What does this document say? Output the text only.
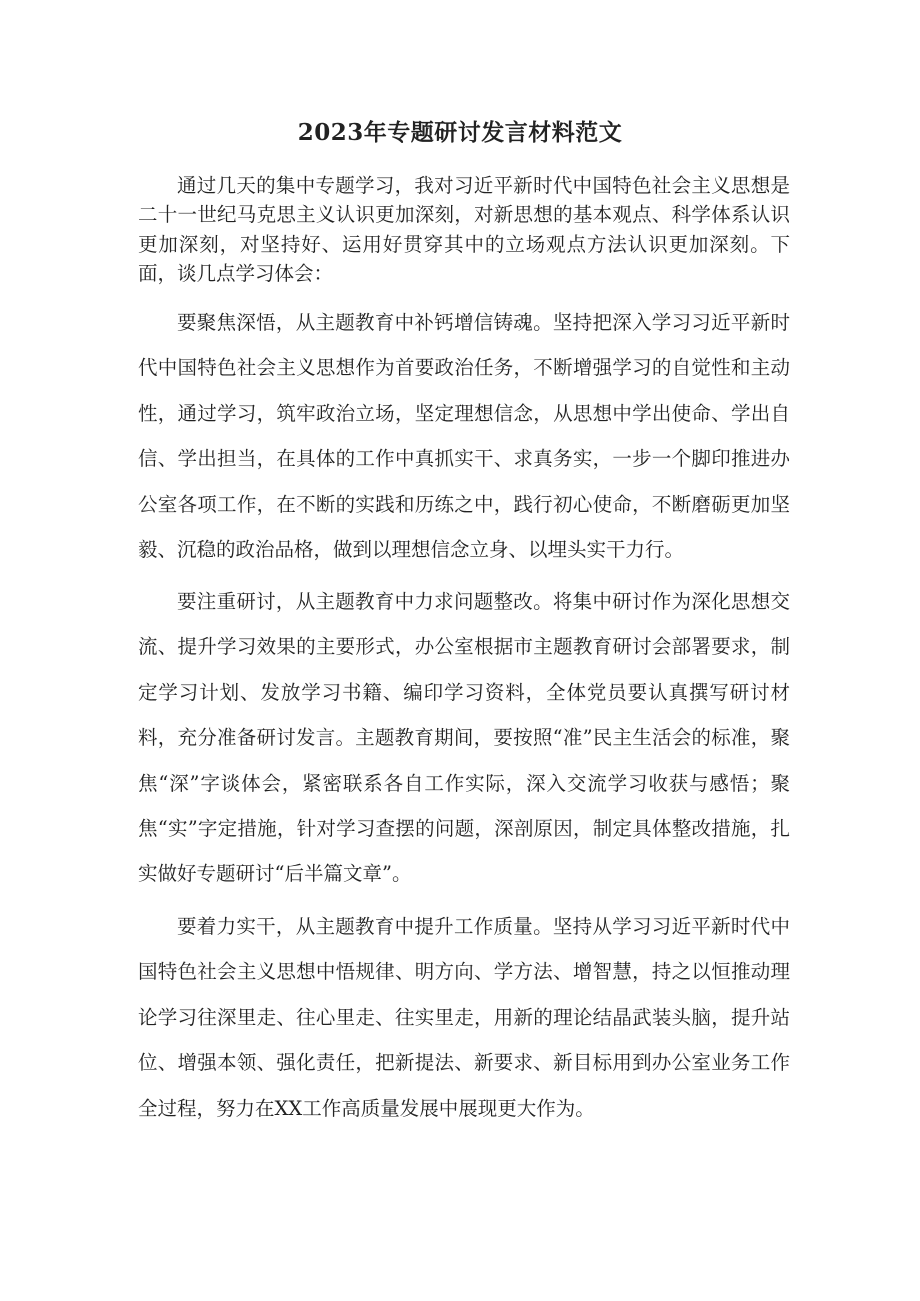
2023年专题研讨发言材料范文

通过几天的集中专题学习，我对习近平新时代中国特色社会主义思想是二十一世纪马克思主义认识更加深刻，对新思想的基本观点、科学体系认识更加深刻，对坚持好、运用好贯穿其中的立场观点方法认识更加深刻。下面，谈几点学习体会：

要聚焦深悟，从主题教育中补钙增信铸魂。坚持把深入学习习近平新时代中国特色社会主义思想作为首要政治任务，不断增强学习的自觉性和主动性，通过学习，筑牢政治立场，坚定理想信念，从思想中学出使命、学出自信、学出担当，在具体的工作中真抓实干、求真务实，一步一个脚印推进办公室各项工作，在不断的实践和历练之中，践行初心使命，不断磨砺更加坚毅、沉稳的政治品格，做到以理想信念立身、以埋头实干力行。

要注重研讨，从主题教育中力求问题整改。将集中研讨作为深化思想交流、提升学习效果的主要形式，办公室根据市主题教育研讨会部署要求，制定学习计划、发放学习书籍、编印学习资料，全体党员要认真撰写研讨材料，充分准备研讨发言。主题教育期间，要按照“准”民主生活会的标准，聚焦“深”字谈体会，紧密联系各自工作实际，深入交流学习收获与感悟；聚焦“实”字定措施，针对学习查摆的问题，深剖原因，制定具体整改措施，扎实做好专题研讨“后半篇文章”。

要着力实干，从主题教育中提升工作质量。坚持从学习习近平新时代中国特色社会主义思想中悟规律、明方向、学方法、增智慧，持之以恒推动理论学习往深里走、往心里走、往实里走，用新的理论结晶武装头脑，提升站位、增强本领、强化责任，把新提法、新要求、新目标用到办公室业务工作全过程，努力在XX工作高质量发展中展现更大作为。
